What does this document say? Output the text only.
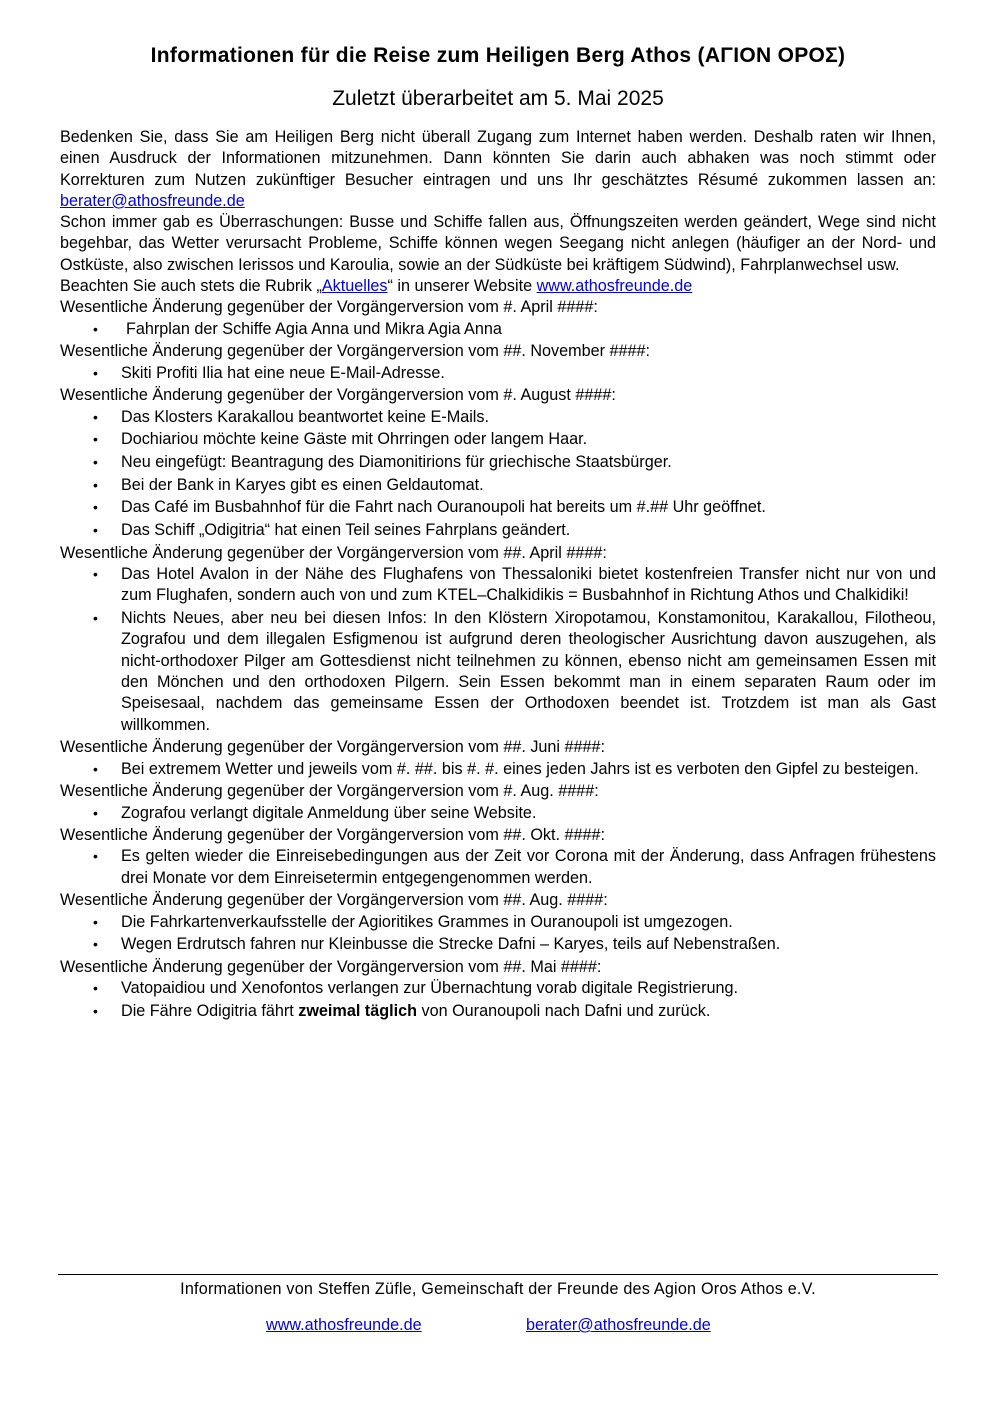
Informationen für die Reise zum Heiligen Berg Athos (ΑΓΙΟΝ ΟΡΟΣ)
Zuletzt überarbeitet am 5. Mai 2025

Bedenken Sie, dass Sie am Heiligen Berg nicht überall Zugang zum Internet haben werden. Deshalb raten wir Ihnen, einen Ausdruck der Informationen mitzunehmen. Dann könnten Sie darin auch abhaken was noch stimmt oder Korrekturen zum Nutzen zukünftiger Besucher eintragen und uns Ihr geschätztes Résumé zukommen lassen an: berater@athosfreunde.de

Schon immer gab es Überraschungen: Busse und Schiffe fallen aus, Öffnungszeiten werden geändert, Wege sind nicht begehbar, das Wetter verursacht Probleme, Schiffe können wegen Seegang nicht anlegen (häufiger an der Nord- und Ostküste, also zwischen Ierissos und Karoulia, sowie an der Südküste bei kräftigem Südwind), Fahrplanwechsel usw.

Beachten Sie auch stets die Rubrik „Aktuelles“ in unserer Website www.athosfreunde.de

Wesentliche Änderung gegenüber der Vorgängerversion vom #. April ####:

• Fahrplan der Schiffe Agia Anna und Mikra Agia Anna

Wesentliche Änderung gegenüber der Vorgängerversion vom ##. November ####:

• Skiti Profiti Ilia hat eine neue E-Mail-Adresse.

Wesentliche Änderung gegenüber der Vorgängerversion vom #. August ####:

• Das Klosters Karakallou beantwortet keine E-Mails.
• Dochiariou möchte keine Gäste mit Ohrringen oder langem Haar.
• Neu eingefügt: Beantragung des Diamonitirions für griechische Staatsbürger.
• Bei der Bank in Karyes gibt es einen Geldautomat.
• Das Café im Busbahnhof für die Fahrt nach Ouranoupoli hat bereits um #.## Uhr geöffnet.
• Das Schiff „Odigitria“ hat einen Teil seines Fahrplans geändert.

Wesentliche Änderung gegenüber der Vorgängerversion vom ##. April ####:

• Das Hotel Avalon in der Nähe des Flughafens von Thessaloniki bietet kostenfreien Transfer nicht nur von und zum Flughafen, sondern auch von und zum KTEL–Chalkidikis = Busbahnhof in Richtung Athos und Chalkidiki!
• Nichts Neues, aber neu bei diesen Infos: In den Klöstern Xiropotamou, Konstamonitou, Karakallou, Filotheou, Zografou und dem illegalen Esfigmenou ist aufgrund deren theologischer Ausrichtung davon auszugehen, als nicht-orthodoxer Pilger am Gottesdienst nicht teilnehmen zu können, ebenso nicht am gemeinsamen Essen mit den Mönchen und den orthodoxen Pilgern. Sein Essen bekommt man in einem separaten Raum oder im Speisesaal, nachdem das gemeinsame Essen der Orthodoxen beendet ist. Trotzdem ist man als Gast willkommen.

Wesentliche Änderung gegenüber der Vorgängerversion vom ##. Juni ####:

• Bei extremem Wetter und jeweils vom #. ##. bis #. #. eines jeden Jahrs ist es verboten den Gipfel zu besteigen.

Wesentliche Änderung gegenüber der Vorgängerversion vom #. Aug. ####:

• Zografou verlangt digitale Anmeldung über seine Website.

Wesentliche Änderung gegenüber der Vorgängerversion vom ##. Okt. ####:

• Es gelten wieder die Einreisebedingungen aus der Zeit vor Corona mit der Änderung, dass Anfragen frühestens drei Monate vor dem Einreisetermin entgegengenommen werden.

Wesentliche Änderung gegenüber der Vorgängerversion vom ##. Aug. ####:

• Die Fahrkartenverkaufsstelle der Agioritikes Grammes in Ouranoupoli ist umgezogen.
• Wegen Erdrutsch fahren nur Kleinbusse die Strecke Dafni – Karyes, teils auf Nebenstraßen.

Wesentliche Änderung gegenüber der Vorgängerversion vom ##. Mai ####:

• Vatopaidiou und Xenofontos verlangen zur Übernachtung vorab digitale Registrierung.
• Die Fähre Odigitria fährt zweimal täglich von Ouranoupoli nach Dafni und zurück.
Informationen von Steffen Züfle, Gemeinschaft der Freunde des Agion Oros Athos e.V.
www.athosfreunde.de	berater@athosfreunde.de
